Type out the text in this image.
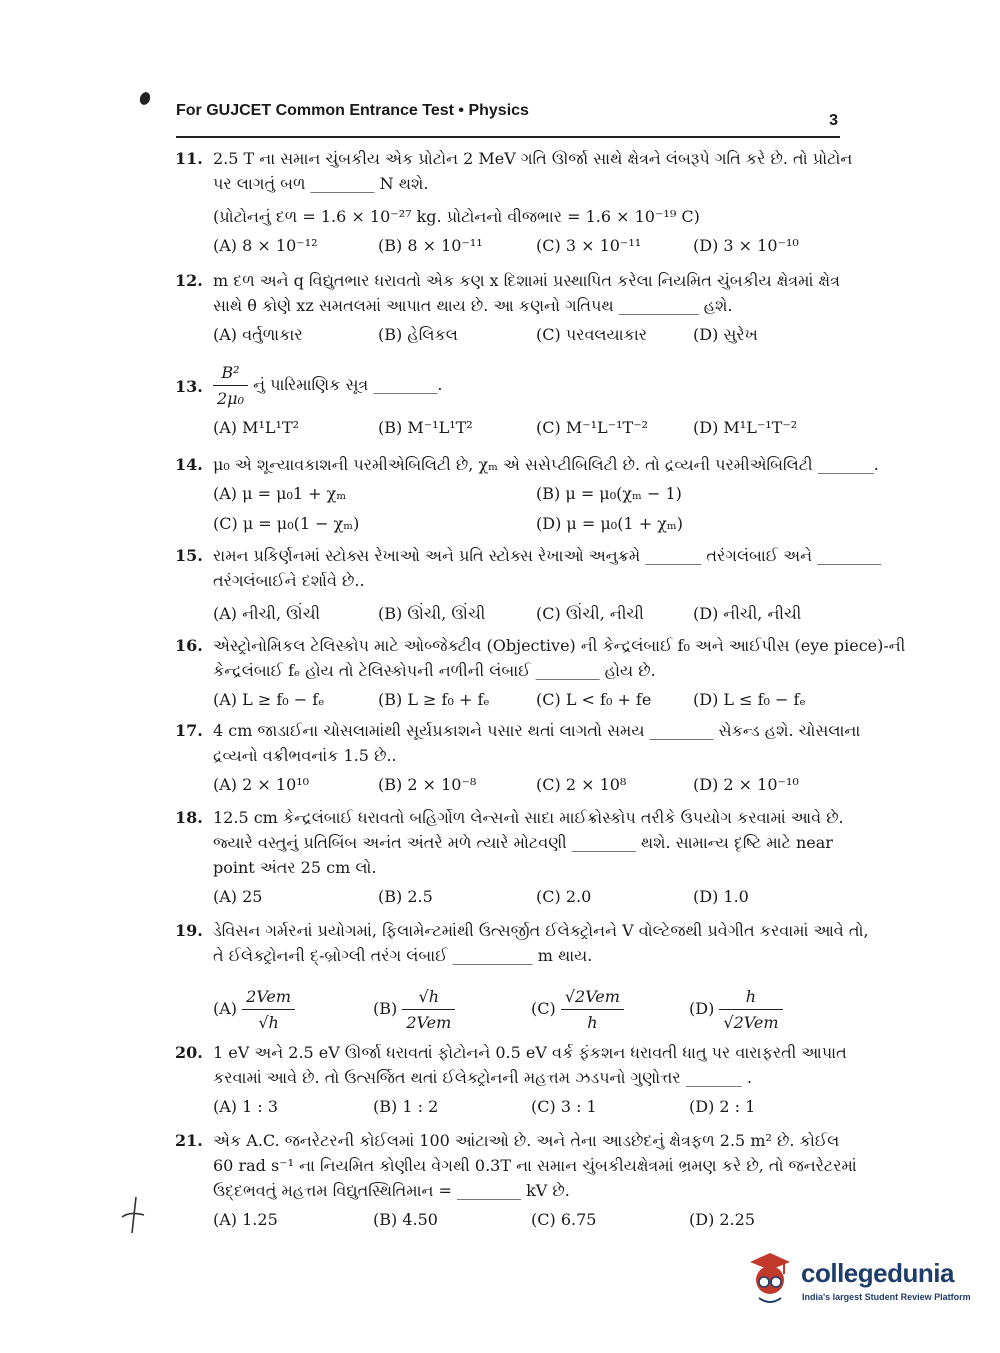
For GUJCET Common Entrance Test • Physics
3
11. 2.5 T ના સમાન ચુંબકીય એક પ્રોટોન 2 MeV ગતિ ઊર્જા સાથે ક્ષેત્રને લંબરૂપે ગતિ કરે છે. તો પ્રોટોન
પર લાગતું બળ ________ N થશે.
(પ્રોટોનનું દળ = 1.6 × 10⁻²⁷ kg. પ્રોટોનનો વીજભાર = 1.6 × 10⁻¹⁹ C)
(A) 8 × 10⁻¹²	(B) 8 × 10⁻¹¹	(C) 3 × 10⁻¹¹	(D) 3 × 10⁻¹⁰
12. m દળ અને q વિદ્યુતભાર ધરાવતો એક કણ x દિશામાં પ્રસ્થાપિત કરેલા નિયમિત ચુંબકીય ક્ષેત્રમાં ક્ષેત્ર
સાથે θ કોણે xz સમતલમાં આપાત થાય છે. આ કણનો ગતિપથ __________ હશે.
(A) વર્તુળાકાર	(B) હેલિકલ	(C) પરવલયાકાર	(D) સુરેખ
13. $\frac{\text{B²}}{\text{2μ₀}}$ નું પારિમાણિક સૂત્ર ________.
(A) M¹L¹T²	(B) M⁻¹L¹T²	(C) M⁻¹L⁻¹T⁻²	(D) M¹L⁻¹T⁻²
14. μ₀ એ શૂન્યાવકાશની પરમીએબિલિટી છે, χₘ એ સસેપ્ટીબિલિટી છે. તો દ્રવ્યની પરમીએબિલિટી _______.
(A) μ = μ₀1 + χₘ	(B) μ = μ₀(χₘ − 1)
(C) μ = μ₀(1 − χₘ)	(D) μ = μ₀(1 + χₘ)
15. રામન પ્રકિર્ણનમાં સ્ટોક્સ રેખાઓ અને પ્રતિ સ્ટોક્સ રેખાઓ અનુક્રમે _______ તરંગલંબાઈ અને ________
તરંગલંબાઈને દર્શાવે છે..
(A) નીચી, ઊંચી	(B) ઊંચી, ઊંચી	(C) ઊંચી, નીચી	(D) નીચી, નીચી
16. એસ્ટ્રોનોમિકલ ટેલિસ્કોપ માટે ઓબ્જેક્ટીવ (Objective) ની કેન્દ્રલંબાઈ f₀ અને આઈપીસ (eye piece)-ની
કેન્દ્રલંબાઈ fₑ હોય તો ટેલિસ્કોપની નળીની લંબાઈ ________ હોય છે.
(A) L ≥ f₀ − fₑ	(B) L ≥ f₀ + fₑ	(C) L < f₀ + fe	(D) L ≤ f₀ − fₑ
17. 4 cm જાડાઈના ચોસલામાંથી સૂર્યપ્રકાશને પસાર થતાં લાગતો સમય ________ સેકન્ડ હશે. ચોસલાના
દ્રવ્યનો વક્રીભવનાંક 1.5 છે..
(A) 2 × 10¹⁰	(B) 2 × 10⁻⁸	(C) 2 × 10⁸	(D) 2 × 10⁻¹⁰
18. 12.5 cm કેન્દ્રલંબાઈ ધરાવતો બહિર્ગોળ લેન્સનો સાદા માઈક્રોસ્કોપ તરીકે ઉપયોગ કરવામાં આવે છે.
જ્યારે વસ્તુનું પ્રતિબિંબ અનંત અંતરે મળે ત્યારે મોટવણી ________ થશે. સામાન્ય દૃષ્ટિ માટે near
point અંતર 25 cm લો.
(A) 25	(B) 2.5	(C) 2.0	(D) 1.0
19. ડેવિસન ગર્મરનાં પ્રયોગમાં, ફિલામેન્ટમાંથી ઉત્સર્જીત ઈલેક્ટ્રોનને V વોલ્ટેજથી પ્રવેગીત કરવામાં આવે તો,
તે ઈલેક્ટ્રોનની દ્-બ્રોગ્લી તરંગ લંબાઈ __________ m થાય.
$(A) \frac{\text{2Vem}}{√h}$	$(B) \frac{√h}{\text{2Vem}}$	$(C) \frac{\text{√2Vem}}{h}$	$(D) \frac{h}{\text{√2Vem}}$
20. 1 eV અને 2.5 eV ઊર્જા ધરાવતાં ફોટોનને 0.5 eV વર્ક ફંકશન ધરાવતી ધાતુ પર વારાફરતી આપાત
કરવામાં આવે છે. તો ઉત્સર્જિત થતાં ઈલેક્ટ્રોનની મહત્તમ ઝડપનો ગુણોત્તર _______ .
(A) 1 : 3	(B) 1 : 2	(C) 3 : 1	(D) 2 : 1
21. એક A.C. જનરેટરની કોઈલમાં 100 આંટાઓ છે. અને તેના આડછેદનું ક્ષેત્રફળ 2.5 m² છે. કોઈલ
60 rad s⁻¹ ના નિયમિત કોણીય વેગથી 0.3T ના સમાન ચુંબકીયક્ષેત્રમાં ભ્રમણ કરે છે, તો જનરેટરમાં
ઉદ્દભવતું મહત્તમ વિદ્યુતસ્થિતિમાન = ________ kV છે.
(A) 1.25	(B) 4.50	(C) 6.75	(D) 2.25
collegedunia
India's largest Student Review Platform
